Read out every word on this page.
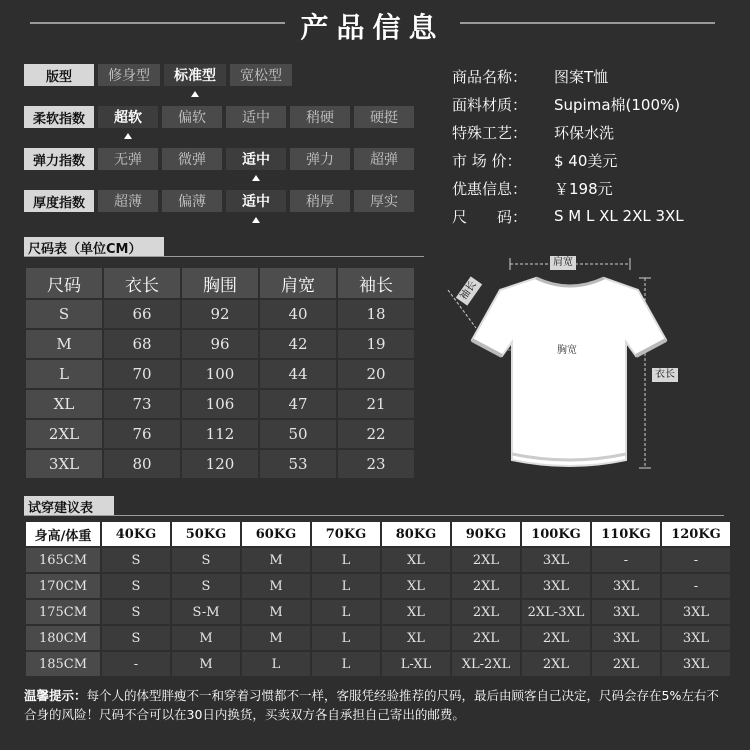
产品信息
版型	修身型	标准型	宽松型
柔软指数	超软	偏软	适中	稍硬	硬挺
弹力指数	无弹	微弹	适中	弹力	超弹
厚度指数	超薄	偏薄	适中	稍厚	厚实
商品名称：	图案T恤
面料材质：	Supima棉(100%)
特殊工艺：	环保水洗
市 场 价：	$ 40美元
优惠信息：	￥198元
尺　　码：	S M L XL 2XL 3XL
尺码表（单位CM）
尺码	衣长	胸围	肩宽	袖长
S	66	92	40	18
M	68	96	42	19
L	70	100	44	20
XL	73	106	47	21
2XL	76	112	50	22
3XL	80	120	53	23
肩宽
袖长
胸宽
衣长
试穿建议表
身高/体重	40KG	50KG	60KG	70KG	80KG	90KG	100KG	110KG	120KG
165CM	S	S	M	L	XL	2XL	3XL	-	-
170CM	S	S	M	L	XL	2XL	3XL	3XL	-
175CM	S	S-M	M	L	XL	2XL	2XL-3XL	3XL	3XL
180CM	S	M	M	L	XL	2XL	2XL	3XL	3XL
185CM	-	M	L	L	L-XL	XL-2XL	2XL	2XL	3XL
温馨提示：每个人的体型胖瘦不一和穿着习惯都不一样，客服凭经验推荐的尺码，最后由顾客自己决定，尺码会存在5%左右不合身的风险！尺码不合可以在30日内换货，买卖双方各自承担自己寄出的邮费。
